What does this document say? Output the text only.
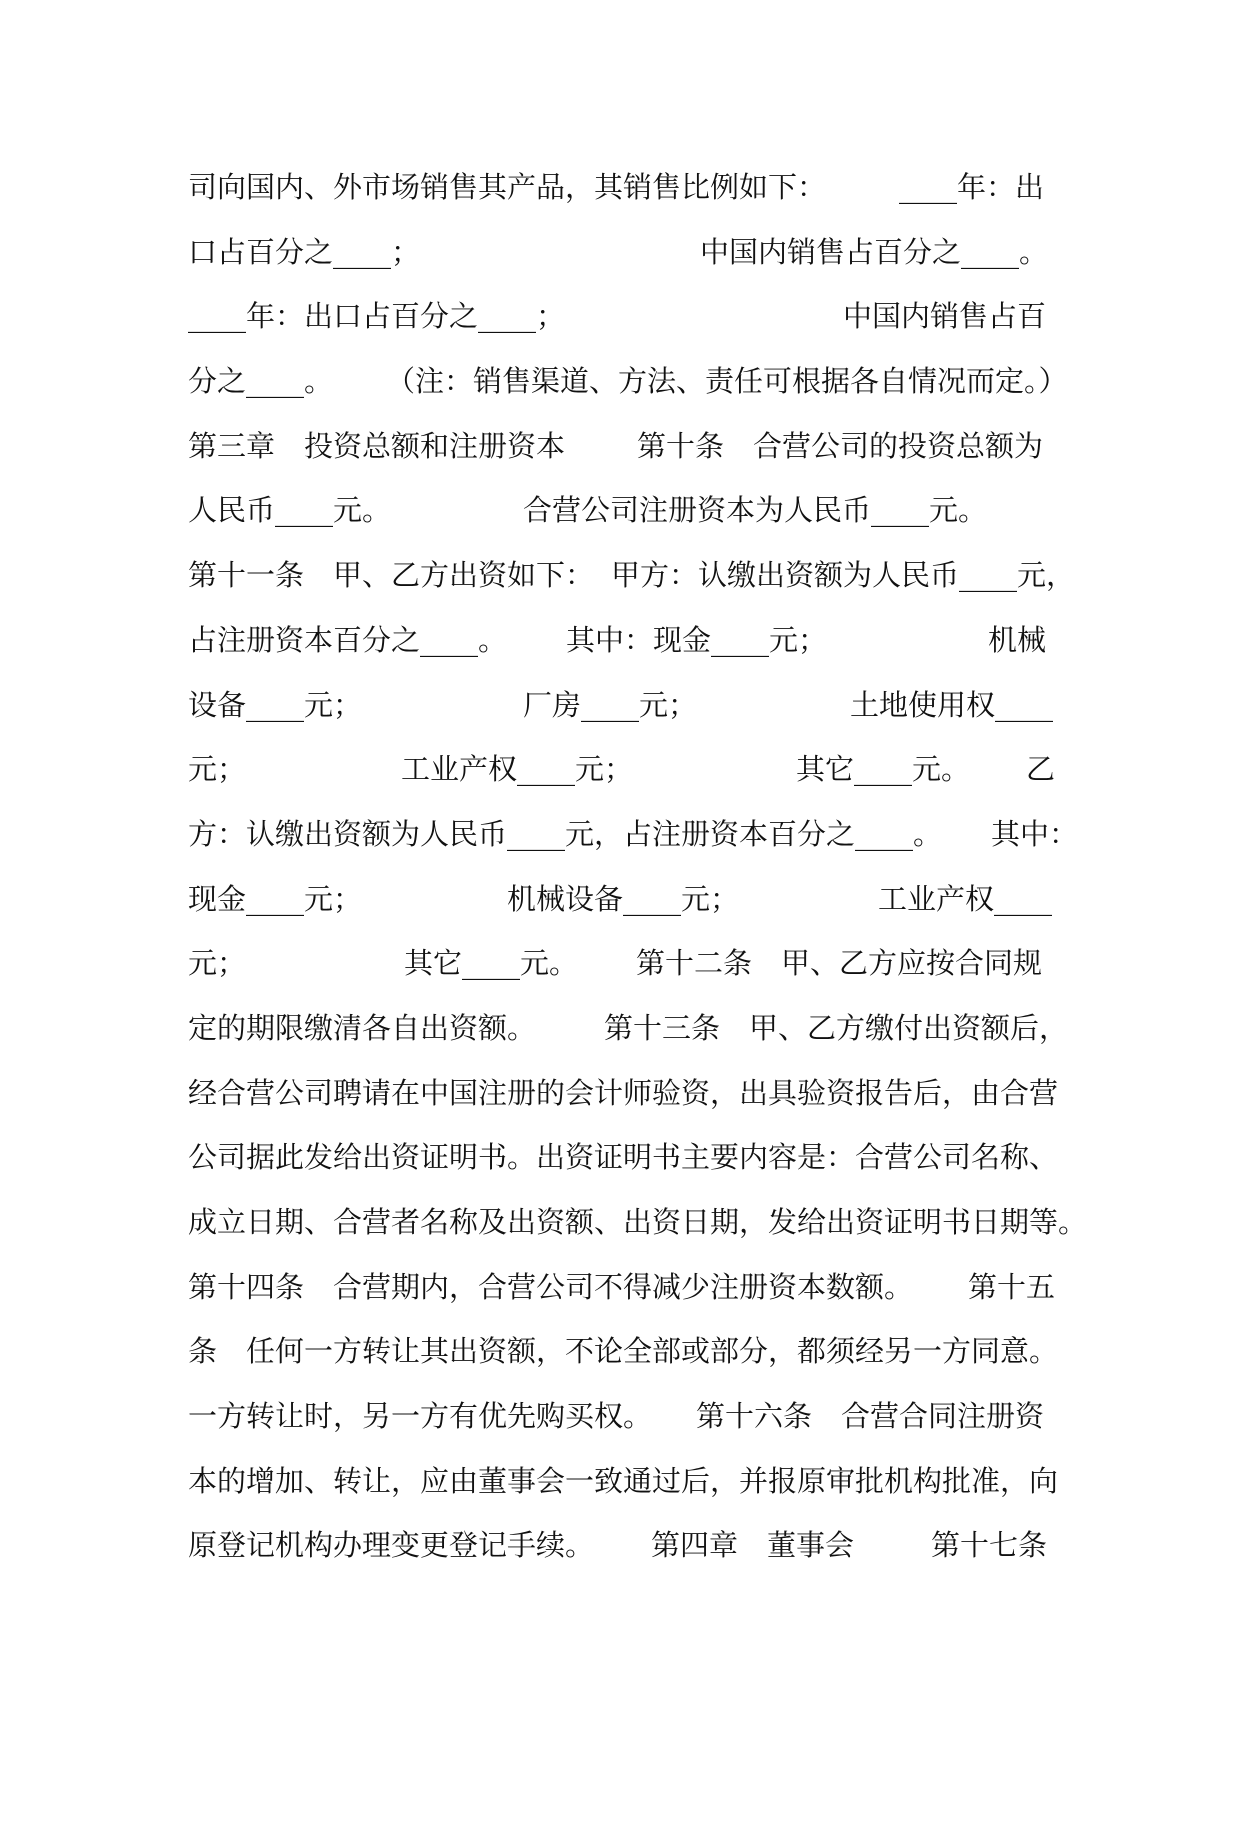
司向国内、外市场销售其产品，其销售比例如下：

	____年：出

口占百分之____；

	中国内销售占百分之____。

____年：出口占百分之____；

	中国内销售占百

分之____。

（注：销售渠道、方法、责任可根据各自情况而定。）

第三章　投资总额和注册资本

第十条　合营公司的投资总额为

人民币____元。

	合营公司注册资本为人民币____元。

第十一条　甲、乙方出资如下：

甲方：认缴出资额为人民币____元，

占注册资本百分之____。

其中：现金____元；

	机械

设备____元；

	厂房____元；

	土地使用权____

元；

	工业产权____元；

	其它____元。

乙

方：认缴出资额为人民币____元，占注册资本百分之____。

其中：

现金____元；

	机械设备____元；

	工业产权____

元；

	其它____元。

第十二条　甲、乙方应按合同规

定的期限缴清各自出资额。

第十三条　甲、乙方缴付出资额后，

经合营公司聘请在中国注册的会计师验资，出具验资报告后，由合营

公司据此发给出资证明书。出资证明书主要内容是：合营公司名称、

成立日期、合营者名称及出资额、出资日期，发给出资证明书日期等。

第十四条　合营期内，合营公司不得减少注册资本数额。

第十五

条　任何一方转让其出资额，不论全部或部分，都须经另一方同意。

一方转让时，另一方有优先购买权。

第十六条　合营合同注册资

本的增加、转让，应由董事会一致通过后，并报原审批机构批准，向

原登记机构办理变更登记手续。

第四章　董事会

	第十七条
